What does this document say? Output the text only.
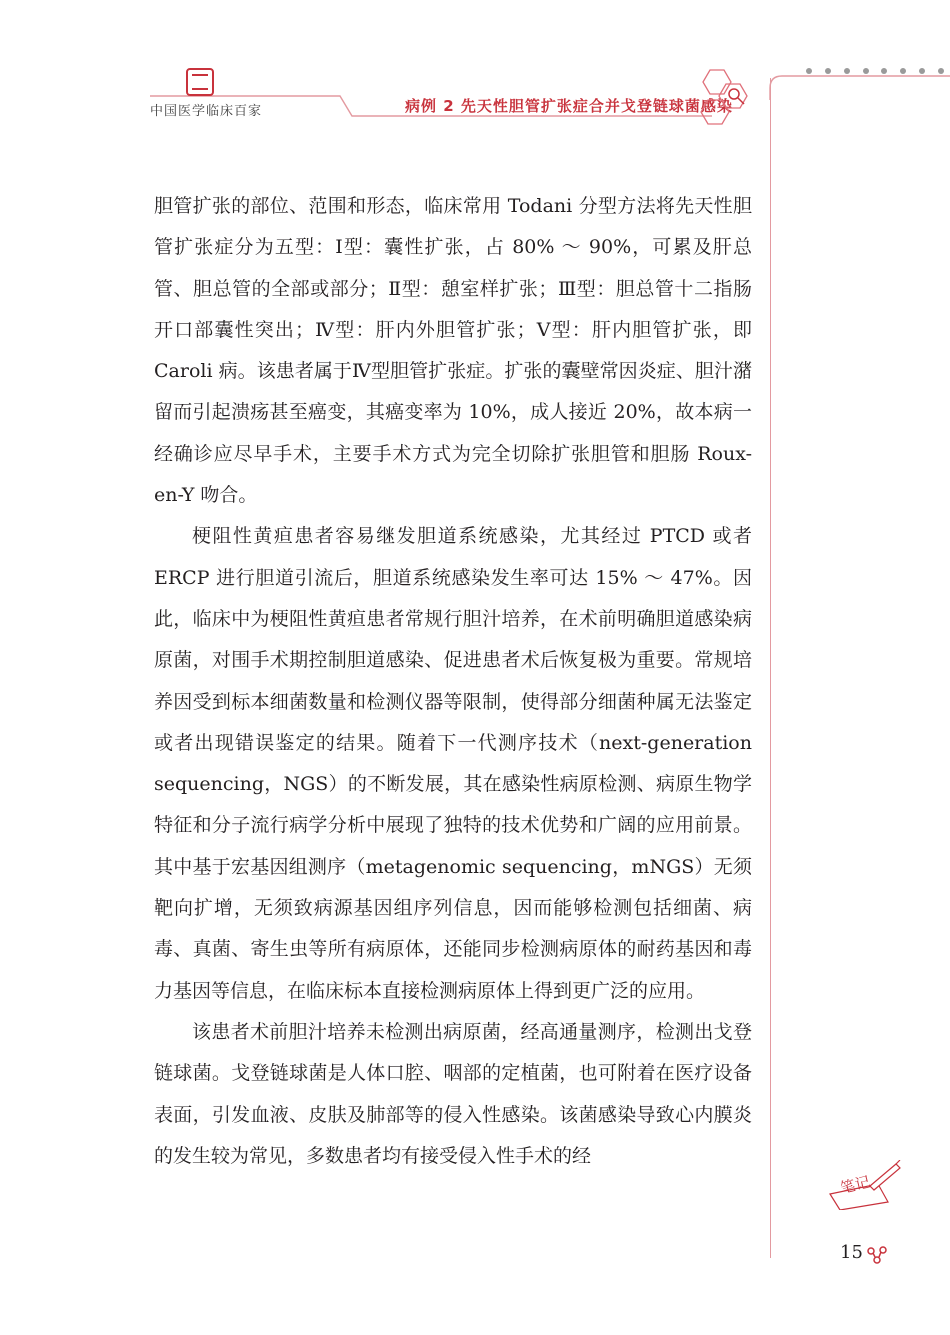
中国医学临床百家	病例 2 先天性胆管扩张症合并戈登链球菌感染

胆管扩张的部位、范围和形态，临床常用 Todani 分型方法将先天性胆管扩张症分为五型：Ⅰ型：囊性扩张，占 80% ～ 90%，可累及肝总管、胆总管的全部或部分；Ⅱ型：憩室样扩张；Ⅲ型：胆总管十二指肠开口部囊性突出；Ⅳ型：肝内外胆管扩张；Ⅴ型：肝内胆管扩张，即 Caroli 病。该患者属于Ⅳ型胆管扩张症。扩张的囊壁常因炎症、胆汁潴留而引起溃疡甚至癌变，其癌变率为 10%，成人接近 20%，故本病一经确诊应尽早手术，主要手术方式为完全切除扩张胆管和胆肠 Roux-en-Y 吻合。

梗阻性黄疸患者容易继发胆道系统感染，尤其经过 PTCD 或者 ERCP 进行胆道引流后，胆道系统感染发生率可达 15% ～ 47%。因此，临床中为梗阻性黄疸患者常规行胆汁培养，在术前明确胆道感染病原菌，对围手术期控制胆道感染、促进患者术后恢复极为重要。常规培养因受到标本细菌数量和检测仪器等限制，使得部分细菌种属无法鉴定或者出现错误鉴定的结果。随着下一代测序技术（next-generation sequencing，NGS）的不断发展，其在感染性病原检测、病原生物学特征和分子流行病学分析中展现了独特的技术优势和广阔的应用前景。其中基于宏基因组测序（metagenomic sequencing，mNGS）无须靶向扩增，无须致病源基因组序列信息，因而能够检测包括细菌、病毒、真菌、寄生虫等所有病原体，还能同步检测病原体的耐药基因和毒力基因等信息，在临床标本直接检测病原体上得到更广泛的应用。

该患者术前胆汁培养未检测出病原菌，经高通量测序，检测出戈登链球菌。戈登链球菌是人体口腔、咽部的定植菌，也可附着在医疗设备表面，引发血液、皮肤及肺部等的侵入性感染。该菌感染导致心内膜炎的发生较为常见，多数患者均有接受侵入性手术的经

笔记
15
